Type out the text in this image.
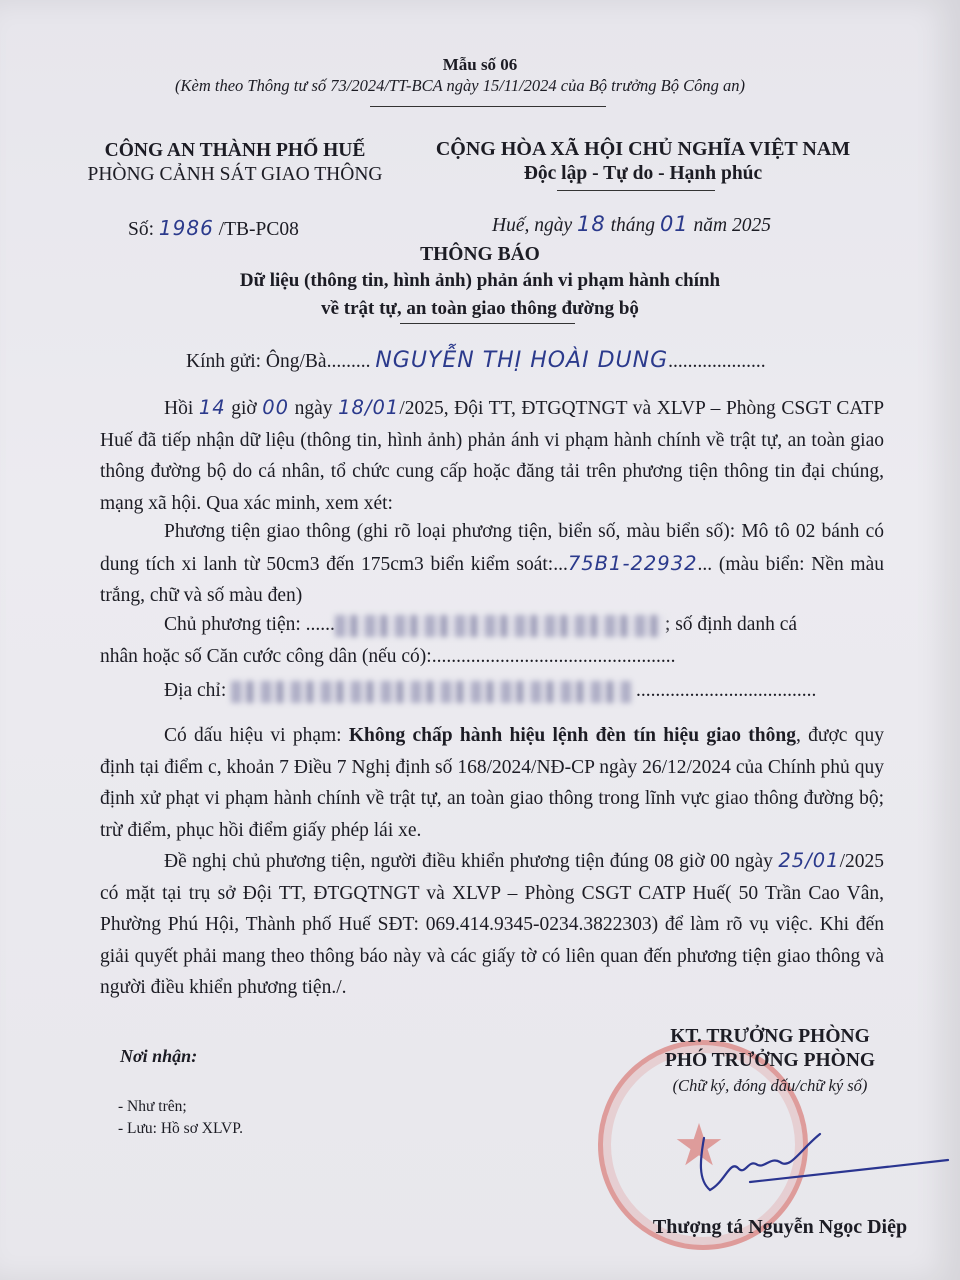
Mẫu số 06
(Kèm theo Thông tư số 73/2024/TT-BCA ngày 15/11/2024 của Bộ trưởng Bộ Công an)
CÔNG AN THÀNH PHỐ HUẾ
PHÒNG CẢNH SÁT GIAO THÔNG
CỘNG HÒA XÃ HỘI CHỦ NGHĨA VIỆT NAM
Độc lập - Tự do - Hạnh phúc
Số: 1986 /TB-PC08	Huế, ngày 18 tháng 01 năm 2025
THÔNG BÁO
Dữ liệu (thông tin, hình ảnh) phản ánh vi phạm hành chính
về trật tự, an toàn giao thông đường bộ
Kính gửi: Ông/Bà......... NGUYỄN THỊ HOÀI DUNG....................
Hồi 14 giờ 00 ngày 18/01/2025, Đội TT, ĐTGQTNGT và XLVP – Phòng CSGT CATP Huế đã tiếp nhận dữ liệu (thông tin, hình ảnh) phản ánh vi phạm hành chính về trật tự, an toàn giao thông đường bộ do cá nhân, tổ chức cung cấp hoặc đăng tải trên phương tiện thông tin đại chúng, mạng xã hội. Qua xác minh, xem xét:
Phương tiện giao thông (ghi rõ loại phương tiện, biển số, màu biển số): Mô tô 02 bánh có dung tích xi lanh từ 50cm3 đến 175cm3 biển kiểm soát:...75B1-22932... (màu biển: Nền màu trắng, chữ và số màu đen)
Chủ phương tiện: ......	; số định danh cá
nhân hoặc số Căn cước công dân (nếu có):..................................................
Địa chỉ:	.....................................
Có dấu hiệu vi phạm: Không chấp hành hiệu lệnh đèn tín hiệu giao thông, được quy định tại điểm c, khoản 7 Điều 7 Nghị định số 168/2024/NĐ-CP ngày 26/12/2024 của Chính phủ quy định xử phạt vi phạm hành chính về trật tự, an toàn giao thông trong lĩnh vực giao thông đường bộ; trừ điểm, phục hồi điểm giấy phép lái xe.
Đề nghị chủ phương tiện, người điều khiển phương tiện đúng 08 giờ 00 ngày 25/01/2025 có mặt tại trụ sở Đội TT, ĐTGQTNGT và XLVP – Phòng CSGT CATP Huế( 50 Trần Cao Vân, Phường Phú Hội, Thành phố Huế SĐT: 069.414.9345-0234.3822303) để làm rõ vụ việc. Khi đến giải quyết phải mang theo thông báo này và các giấy tờ có liên quan đến phương tiện giao thông và người điều khiển phương tiện./.
Nơi nhận:
- Như trên;
- Lưu: Hồ sơ XLVP.	★
KT. TRƯỞNG PHÒNG
PHÓ TRƯỞNG PHÒNG
(Chữ ký, đóng dấu/chữ ký số)
Thượng tá Nguyễn Ngọc Diệp
